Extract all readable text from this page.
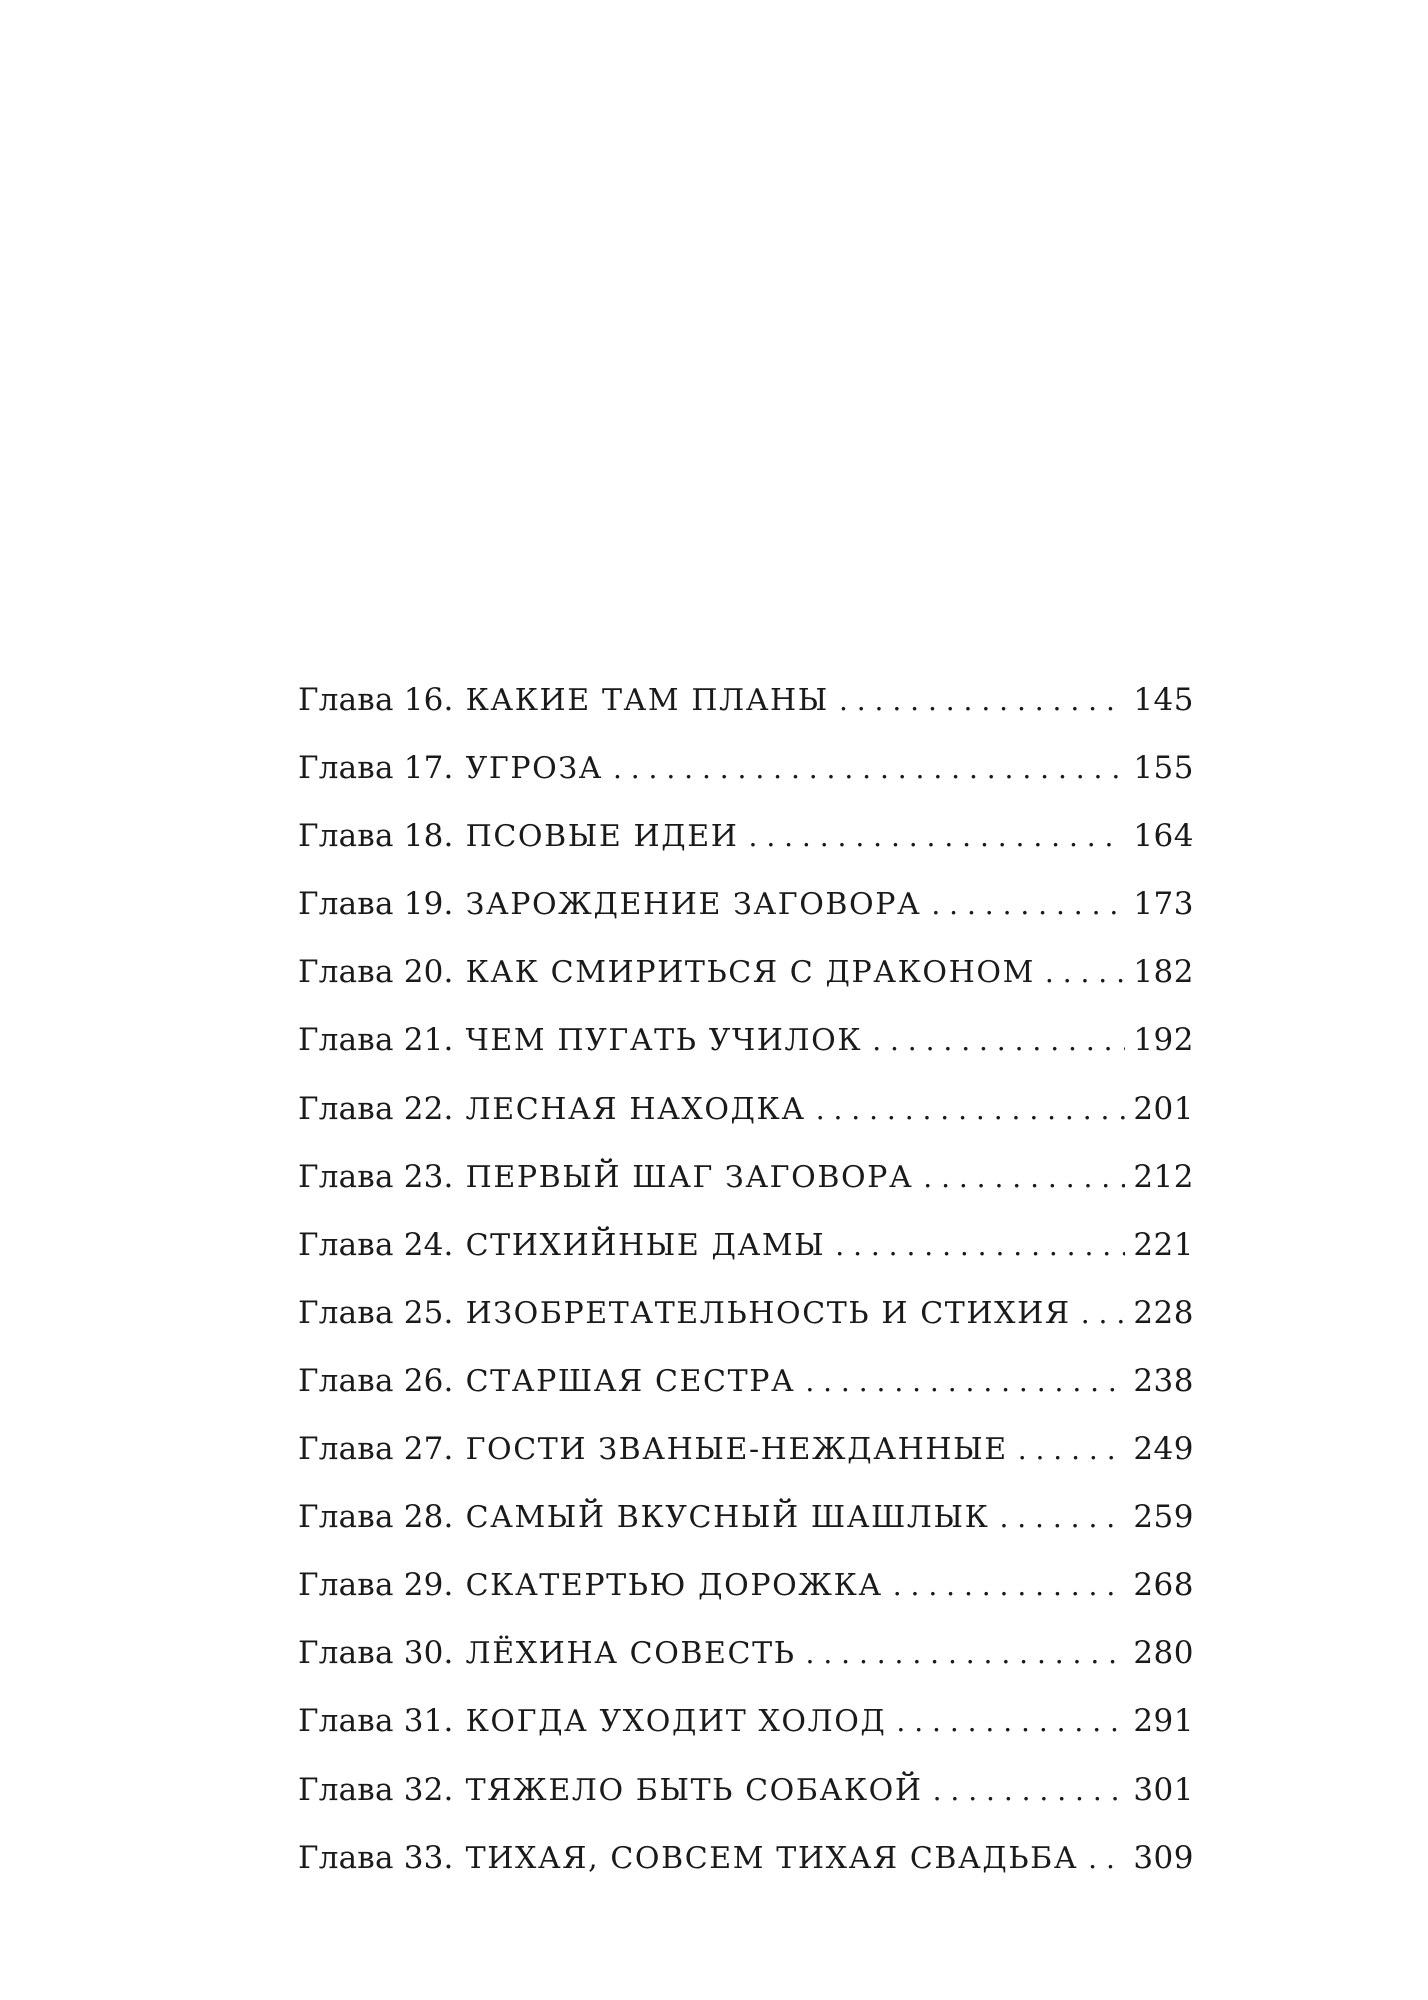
Глава 16. КАКИЕ ТАМ ПЛАНЫ . . .	145
Глава 17. УГРОЗА . . .	155
Глава 18. ПСОВЫЕ ИДЕИ . . .	164
Глава 19. ЗАРОЖДЕНИЕ ЗАГОВОРА . . .	173
Глава 20. КАК СМИРИТЬСЯ С ДРАКОНОМ . . .	182
Глава 21. ЧЕМ ПУГАТЬ УЧИЛОК . . .	192
Глава 22. ЛЕСНАЯ НАХОДКА . . .	201
Глава 23. ПЕРВЫЙ ШАГ ЗАГОВОРА . . .	212
Глава 24. СТИХИЙНЫЕ ДАМЫ . . .	221
Глава 25. ИЗОБРЕТАТЕЛЬНОСТЬ И СТИХИЯ . . . 228
Глава 26. СТАРШАЯ СЕСТРА . . .	238
Глава 27. ГОСТИ ЗВАНЫЕ-НЕЖДАННЫЕ . . .	249
Глава 28. САМЫЙ ВКУСНЫЙ ШАШЛЫК . . .	259
Глава 29. СКАТЕРТЬЮ ДОРОЖКА . . .	268
Глава 30. ЛЁХИНА СОВЕСТЬ . . .	280
Глава 31. КОГДА УХОДИТ ХОЛОД . . .	291
Глава 32. ТЯЖЕЛО БЫТЬ СОБАКОЙ . . .	301
Глава 33. ТИХАЯ, СОВСЕМ ТИХАЯ СВАДЬБА . . . 309
